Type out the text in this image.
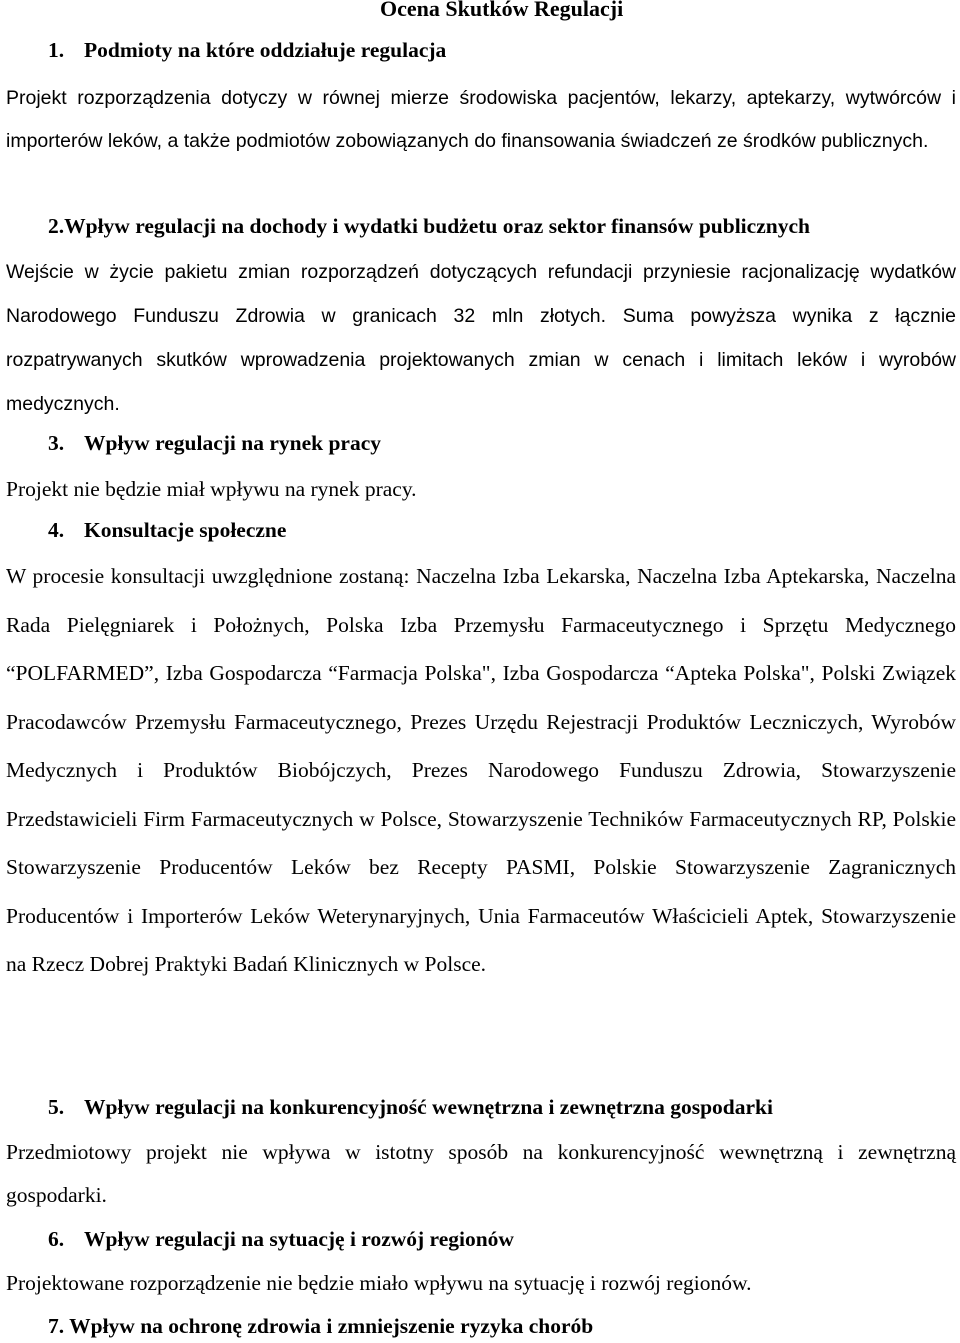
Ocena Skutków Regulacji
1. Podmioty na które oddziałuje regulacja
Projekt rozporządzenia dotyczy w równej mierze środowiska pacjentów, lekarzy, aptekarzy, wytwórców i importerów leków, a także podmiotów zobowiązanych do finansowania świadczeń ze środków publicznych.
2.Wpływ regulacji na dochody i wydatki budżetu oraz sektor finansów publicznych
Wejście w życie pakietu zmian rozporządzeń dotyczących refundacji przyniesie racjonalizację wydatków Narodowego Funduszu Zdrowia w granicach 32 mln złotych. Suma powyższa wynika z łącznie rozpatrywanych skutków wprowadzenia projektowanych zmian w cenach i limitach leków i wyrobów medycznych.
3. Wpływ regulacji na rynek pracy
Projekt nie będzie miał wpływu na rynek pracy.
4. Konsultacje społeczne
W procesie konsultacji uwzględnione zostaną: Naczelna Izba Lekarska, Naczelna Izba Aptekarska, Naczelna Rada Pielęgniarek i Położnych, Polska Izba Przemysłu Farmaceutycznego i Sprzętu Medycznego “POLFARMED”, Izba Gospodarcza “Farmacja Polska", Izba Gospodarcza “Apteka Polska", Polski Związek Pracodawców Przemysłu Farmaceutycznego, Prezes Urzędu Rejestracji Produktów Leczniczych, Wyrobów Medycznych i Produktów Biobójczych, Prezes Narodowego Funduszu Zdrowia, Stowarzyszenie Przedstawicieli Firm Farmaceutycznych w Polsce, Stowarzyszenie Techników Farmaceutycznych RP, Polskie Stowarzyszenie Producentów Leków bez Recepty PASMI, Polskie Stowarzyszenie Zagranicznych Producentów i Importerów Leków Weterynaryjnych, Unia Farmaceutów Właścicieli Aptek, Stowarzyszenie na Rzecz Dobrej Praktyki Badań Klinicznych w Polsce.
5. Wpływ regulacji na konkurencyjność wewnętrzna i zewnętrzna gospodarki
Przedmiotowy projekt nie wpływa w istotny sposób na konkurencyjność wewnętrzną i zewnętrzną gospodarki.
6. Wpływ regulacji na sytuację i rozwój regionów
Projektowane rozporządzenie nie będzie miało wpływu na sytuację i rozwój regionów.
7. Wpływ na ochronę zdrowia i zmniejszenie ryzyka chorób
